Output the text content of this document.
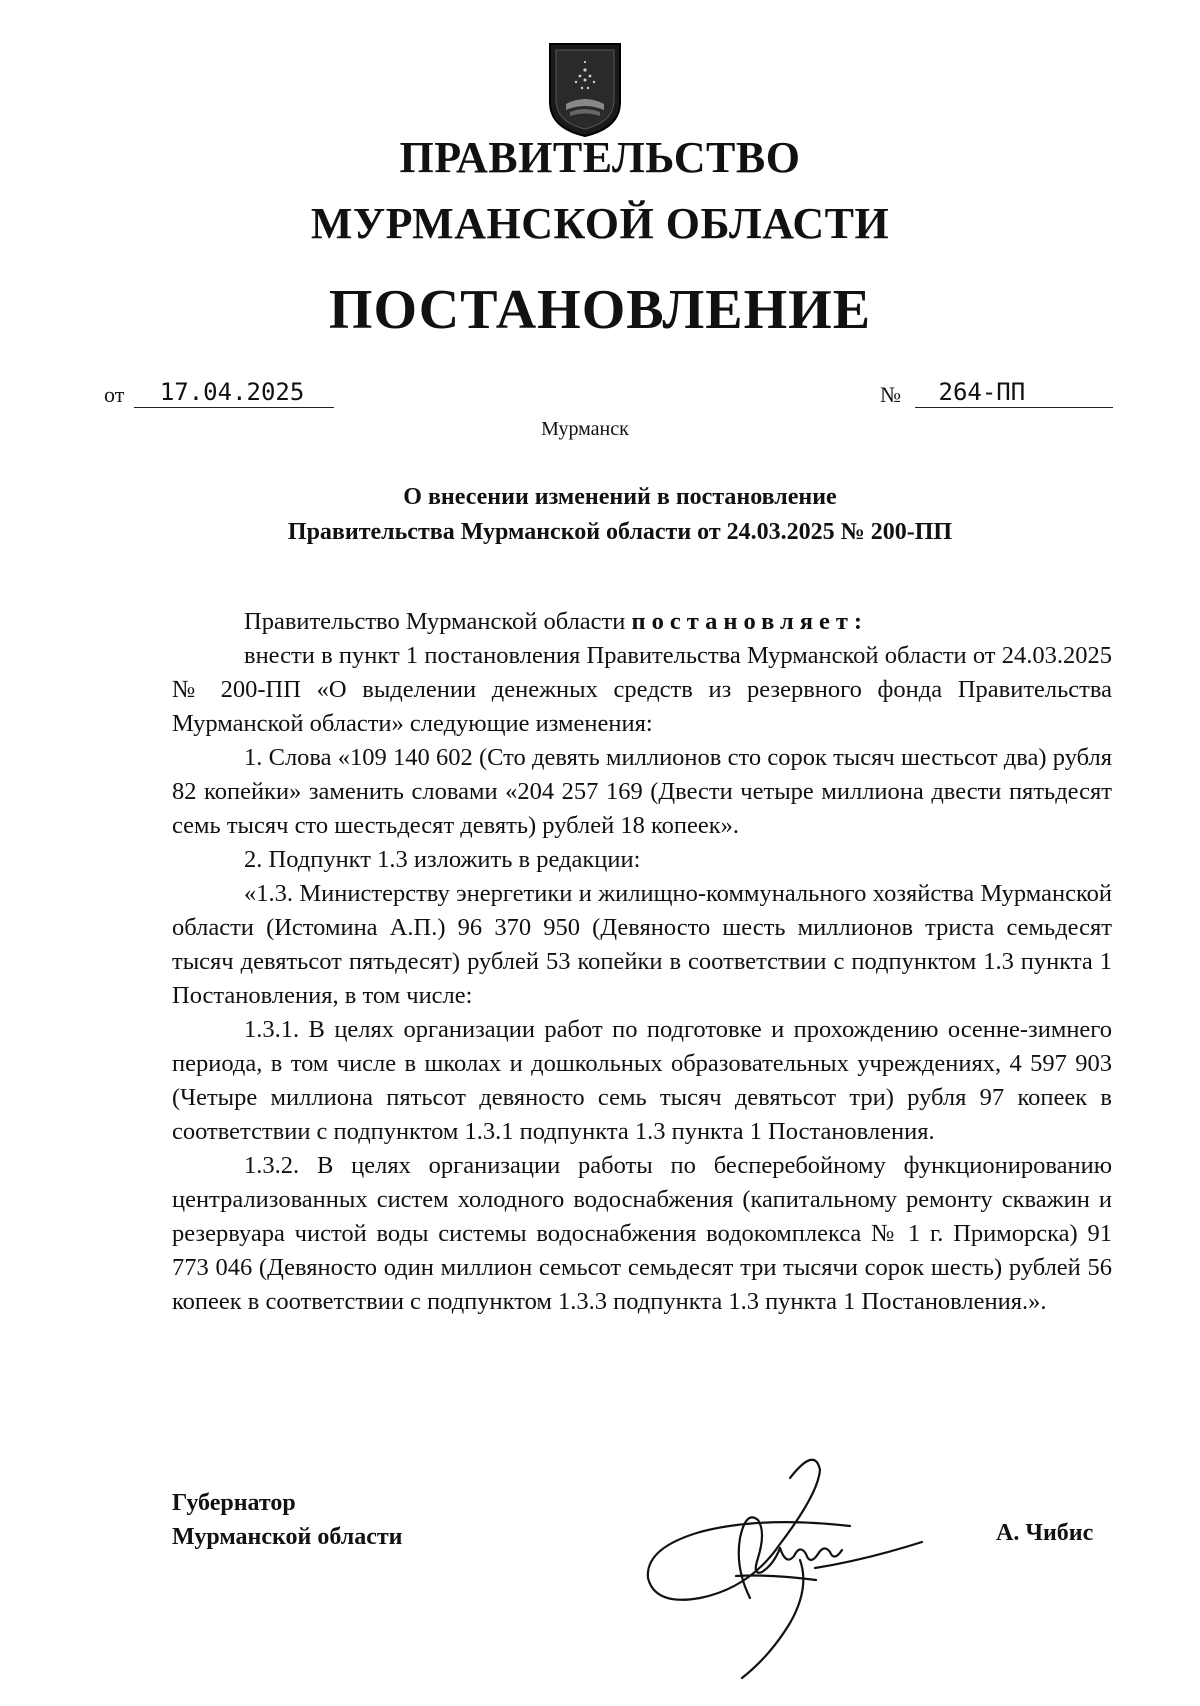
ПРАВИТЕЛЬСТВО
МУРМАНСКОЙ ОБЛАСТИ
ПОСТАНОВЛЕНИЕ
от 17.04.2025	№ 264-ПП
Мурманск
О внесении изменений в постановление
Правительства Мурманской области от 24.03.2025 № 200-ПП

Правительство Мурманской области постановляет:

внести в пункт 1 постановления Правительства Мурманской области от 24.03.2025 № 200-ПП «О выделении денежных средств из резервного фонда Правительства Мурманской области» следующие изменения:

1. Слова «109 140 602 (Сто девять миллионов сто сорок тысяч шестьсот два) рубля 82 копейки» заменить словами «204 257 169 (Двести четыре миллиона двести пятьдесят семь тысяч сто шестьдесят девять) рублей 18 копеек».

2. Подпункт 1.3 изложить в редакции:

«1.3. Министерству энергетики и жилищно-коммунального хозяйства Мурманской области (Истомина А.П.) 96 370 950 (Девяносто шесть миллионов триста семьдесят тысяч девятьсот пятьдесят) рублей 53 копейки в соответствии с подпунктом 1.3 пункта 1 Постановления, в том числе:

1.3.1. В целях организации работ по подготовке и прохождению осенне-зимнего периода, в том числе в школах и дошкольных образовательных учреждениях, 4 597 903 (Четыре миллиона пятьсот девяносто семь тысяч девятьсот три) рубля 97 копеек в соответствии с подпунктом 1.3.1 подпункта 1.3 пункта 1 Постановления.

1.3.2. В целях организации работы по бесперебойному функционированию централизованных систем холодного водоснабжения (капитальному ремонту скважин и резервуара чистой воды системы водоснабжения водокомплекса № 1 г. Приморска) 91 773 046 (Девяносто один миллион семьсот семьдесят три тысячи сорок шесть) рублей 56 копеек в соответствии с подпунктом 1.3.3 подпункта 1.3 пункта 1 Постановления.».

Губернатор
Мурманской области	А. Чибис
